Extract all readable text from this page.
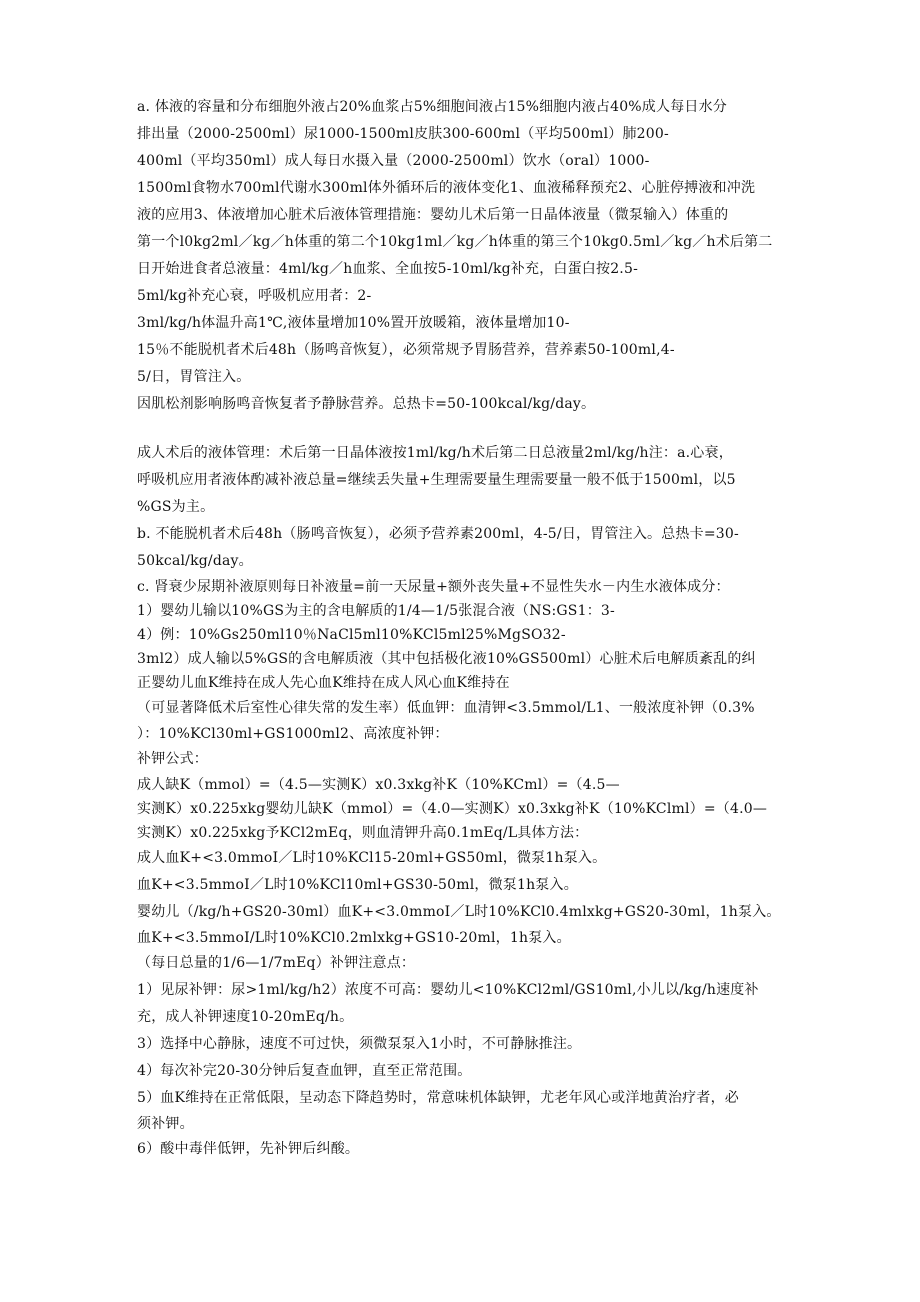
a. 体液的容量和分布细胞外液占20%血浆占5%细胞间液占15%细胞内液占40%成人每日水分
排出量（2000-2500ml）尿1000-1500ml皮肤300-600ml（平均500ml）肺200-
400ml（平均350ml）成人每日水摄入量（2000-2500ml）饮水（oral）1000-
1500ml食物水700ml代谢水300ml体外循环后的液体变化1、血液稀释预充2、心脏停搏液和冲洗
液的应用3、体液增加心脏术后液体管理措施：婴幼儿术后第一日晶体液量（微泵输入）体重的
第一个l0kg2ml／kg／h体重的第二个10kg1ml／kg／h体重的第三个10kg0.5ml／kg／h术后第二
日开始进食者总液量：4ml/kg／h血浆、全血按5-10ml/kg补充，白蛋白按2.5-
5ml/kg补充心衰，呼吸机应用者：2-
3ml/kg/h体温升高1℃,液体量增加10%置开放暖箱，液体量增加10-
15％不能脱机者术后48h（肠鸣音恢复），必须常规予胃肠营养，营养素50-100ml,4-
5/日，胃管注入。
因肌松剂影响肠鸣音恢复者予静脉营养。总热卡=50-100kcal/kg/day。
成人术后的液体管理：术后第一日晶体液按1ml/kg/h术后第二日总液量2ml/kg/h注：a.心衰，
呼吸机应用者液体酌减补液总量=继续丢失量+生理需要量生理需要量一般不低于1500ml，以5
%GS为主。
b. 不能脱机者术后48h（肠鸣音恢复），必须予营养素200ml，4-5/日，胃管注入。总热卡=30-
50kcal/kg/day。
c. 肾衰少尿期补液原则每日补液量=前一天尿量+额外丧失量+不显性失水－内生水液体成分：
1）婴幼儿输以10%GS为主的含电解质的1/4—1/5张混合液（NS:GS1：3-
4）例：10%Gs250ml10％NaCl5ml10%KCl5ml25%MgSO32-
3ml2）成人输以5%GS的含电解质液（其中包括极化液10%GS500ml）心脏术后电解质紊乱的纠
正婴幼儿血K维持在成人先心血K维持在成人风心血K维持在
（可显著降低术后室性心律失常的发生率）低血钾：血清钾<3.5mmol/L1、一般浓度补钾（0.3%
）：10%KCl30ml+GS1000ml2、高浓度补钾：
补钾公式：
成人缺K（mmol）=（4.5—实测K）x0.3xkg补K（10%KCml）=（4.5—
实测K）x0.225xkg婴幼儿缺K（mmol）=（4.0—实测K）x0.3xkg补K（10%KClml）=（4.0—
实测K）x0.225xkg予KCl2mEq，则血清钾升高0.1mEq/L具体方法：
成人血K+<3.0mmoI／L时10%KCl15-20ml+GS50ml，微泵1h泵入。
血K+<3.5mmoI／L时10%KCl10ml+GS30-50ml，微泵1h泵入。
婴幼儿（/kg/h+GS20-30ml）血K+<3.0mmoI／L时10%KCl0.4mlxkg+GS20-30ml，1h泵入。
血K+<3.5mmoI/L时10%KCl0.2mlxkg+GS10-20ml，1h泵入。
（每日总量的1/6—1/7mEq）补钾注意点：
1）见尿补钾：尿>1ml/kg/h2）浓度不可高：婴幼儿<10%KCl2ml/GS10ml,小儿以/kg/h速度补
充，成人补钾速度10-20mEq/h。
3）选择中心静脉，速度不可过快，须微泵泵入1小时，不可静脉推注。
4）每次补完20-30分钟后复查血钾，直至正常范围。
5）血K维持在正常低限，呈动态下降趋势时，常意味机体缺钾，尤老年风心或洋地黄治疗者，必
须补钾。
6）酸中毒伴低钾，先补钾后纠酸。
